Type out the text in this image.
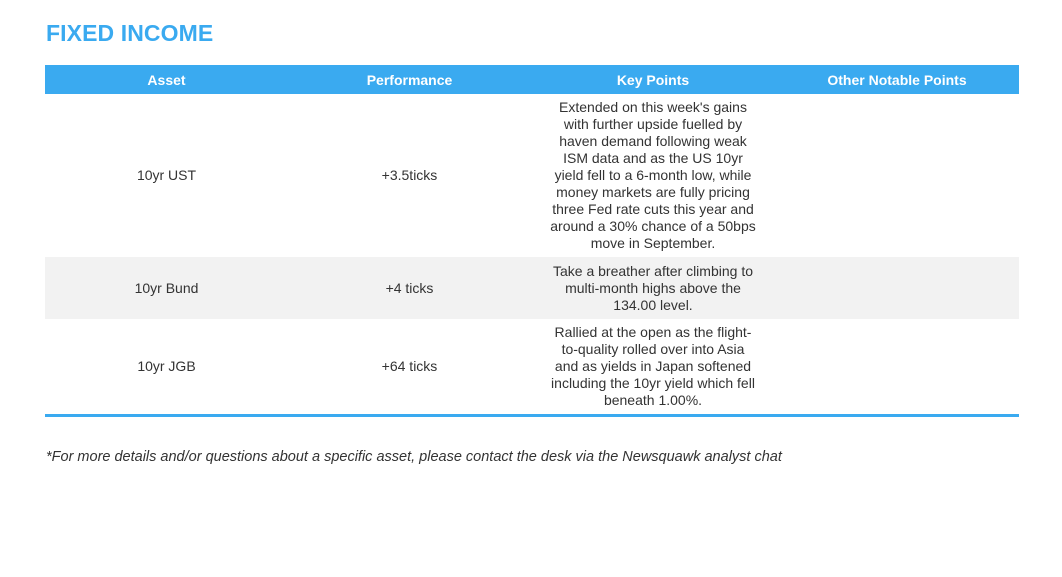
FIXED INCOME
Asset	Performance	Key Points	Other Notable Points
10yr UST	+3.5ticks	Extended on this week's gains with further upside fuelled by haven demand following weak ISM data and as the US 10yr yield fell to a 6-month low, while money markets are fully pricing three Fed rate cuts this year and around a 30% chance of a 50bps move in September.	

10yr Bund	+4 ticks	Take a breather after climbing to multi-month highs above the 134.00 level.	

10yr JGB	+64 ticks	Rallied at the open as the flight-to-quality rolled over into Asia and as yields in Japan softened including the 10yr yield which fell beneath 1.00%.	

*For more details and/or questions about a specific asset, please contact the desk via the Newsquawk analyst chat
